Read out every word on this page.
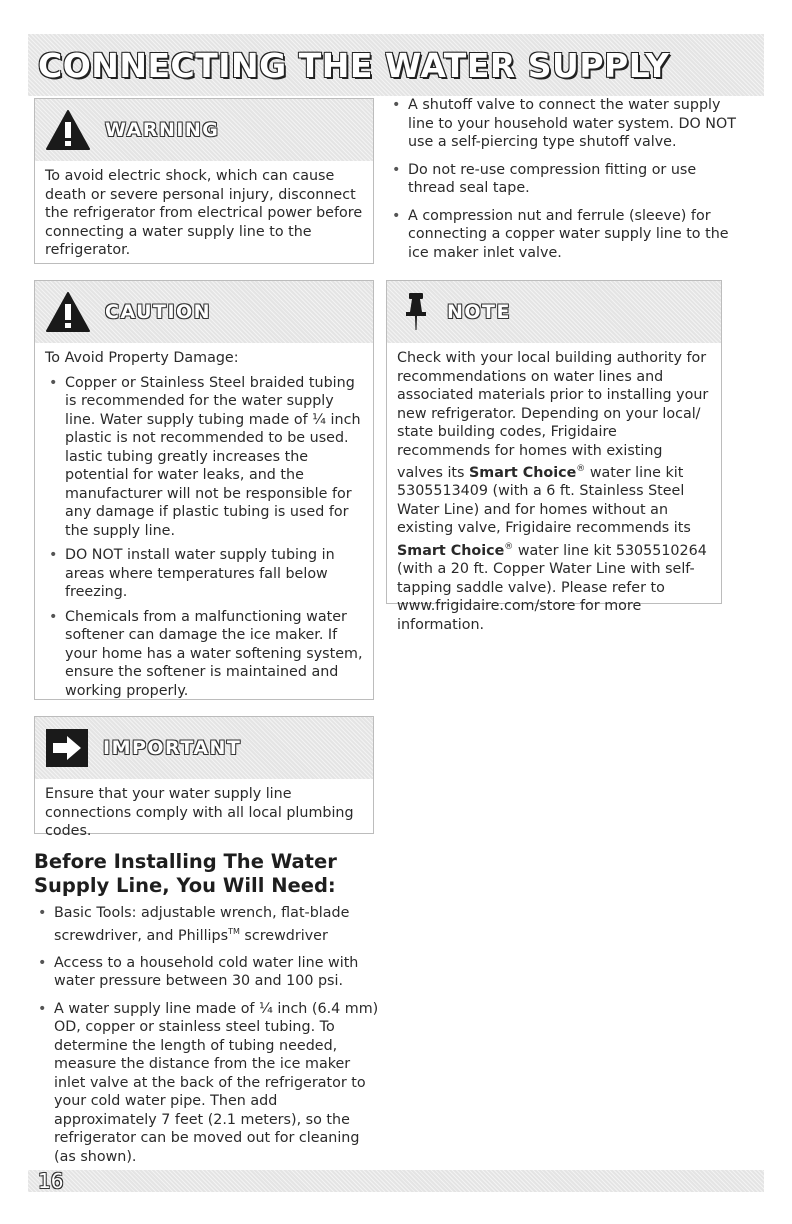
CONNECTING THE WATER SUPPLY
WARNING

To avoid electric shock, which can cause death or severe personal injury, disconnect the refrigerator from electrical power before connecting a water supply line to the refrigerator.

• A shutoff valve to connect the water supply line to your household water system. DO NOT use a self-piercing type shutoff valve.
• Do not re-use compression fitting or use thread seal tape.
• A compression nut and ferrule (sleeve) for connecting a copper water supply line to the ice maker inlet valve.
CAUTION

To Avoid Property Damage:

• Copper or Stainless Steel braided tubing is recommended for the water supply line. Water supply tubing made of ¼ inch plastic is not recommended to be used. lastic tubing greatly increases the potential for water leaks, and the manufacturer will not be responsible for any damage if plastic tubing is used for the supply line.
• DO NOT install water supply tubing in areas where temperatures fall below freezing.
• Chemicals from a malfunctioning water softener can damage the ice maker. If your home has a water softening system, ensure the softener is maintained and working properly.
NOTE

Check with your local building authority for recommendations on water lines and associated materials prior to installing your new refrigerator. Depending on your local/ state building codes, Frigidaire recommends for homes with existing valves its Smart Choice® water line kit 5305513409 (with a 6 ft. Stainless Steel Water Line) and for homes without an existing valve, Frigidaire recommends its Smart Choice® water line kit 5305510264 (with a 20 ft. Copper Water Line with self-tapping saddle valve). Please refer to www.frigidaire.com/store for more information.

IMPORTANT

Ensure that your water supply line connections comply with all local plumbing codes.

Before Installing The Water Supply Line, You Will Need:
• Basic Tools: adjustable wrench, flat-blade screwdriver, and Phillips™ screwdriver
• Access to a household cold water line with water pressure between 30 and 100 psi.
• A water supply line made of ¼ inch (6.4 mm) OD, copper or stainless steel tubing. To determine the length of tubing needed, measure the distance from the ice maker inlet valve at the back of the refrigerator to your cold water pipe. Then add approximately 7 feet (2.1 meters), so the refrigerator can be moved out for cleaning (as shown).
16
